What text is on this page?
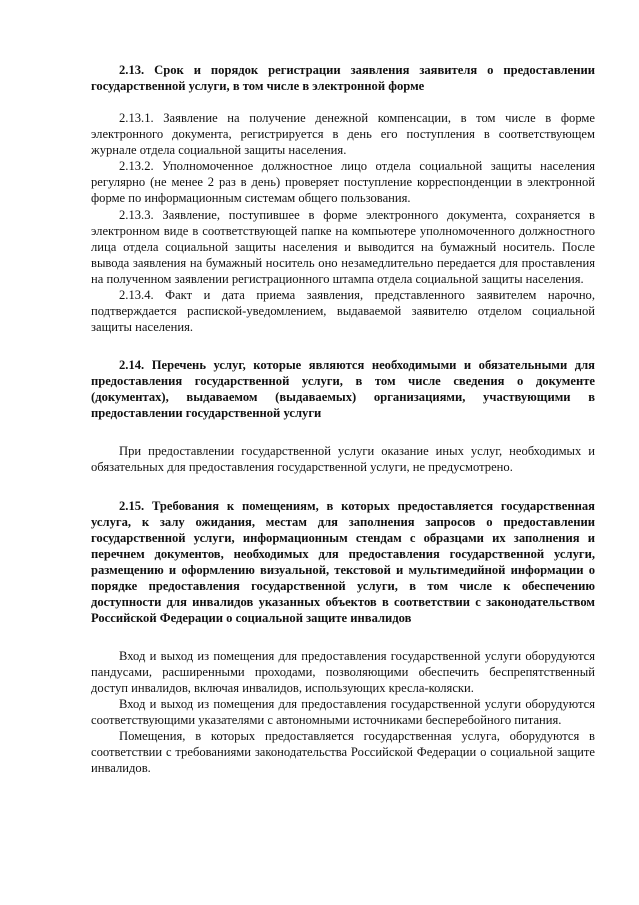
2.13. Срок и порядок регистрации заявления заявителя о предоставлении государственной услуги, в том числе в электронной форме

2.13.1. Заявление на получение денежной компенсации, в том числе в форме электронного документа, регистрируется в день его поступления в соответствующем журнале отдела социальной защиты населения.

2.13.2. Уполномоченное должностное лицо отдела социальной защиты населения регулярно (не менее 2 раз в день) проверяет поступление корреспонденции в электронной форме по информационным системам общего пользования.

2.13.3. Заявление, поступившее в форме электронного документа, сохраняется в электронном виде в соответствующей папке на компьютере уполномоченного должностного лица отдела социальной защиты населения и выводится на бумажный носитель. После вывода заявления на бумажный носитель оно незамедлительно передается для проставления на полученном заявлении регистрационного штампа отдела социальной защиты населения.

2.13.4. Факт и дата приема заявления, представленного заявителем нарочно, подтверждается распиской-уведомлением, выдаваемой заявителю отделом социальной защиты населения.

2.14. Перечень услуг, которые являются необходимыми и обязательными для предоставления государственной услуги, в том числе сведения о документе (документах), выдаваемом (выдаваемых) организациями, участвующими в предоставлении государственной услуги

При предоставлении государственной услуги оказание иных услуг, необходимых и обязательных для предоставления государственной услуги, не предусмотрено.

2.15. Требования к помещениям, в которых предоставляется государственная услуга, к залу ожидания, местам для заполнения запросов о предоставлении государственной услуги, информационным стендам с образцами их заполнения и перечнем документов, необходимых для предоставления государственной услуги, размещению и оформлению визуальной, текстовой и мультимедийной информации о порядке предоставления государственной услуги, в том числе к обеспечению доступности для инвалидов указанных объектов в соответствии с законодательством Российской Федерации о социальной защите инвалидов

Вход и выход из помещения для предоставления государственной услуги оборудуются пандусами, расширенными проходами, позволяющими обеспечить беспрепятственный доступ инвалидов, включая инвалидов, использующих кресла-коляски.

Вход и выход из помещения для предоставления государственной услуги оборудуются соответствующими указателями с автономными источниками бесперебойного питания.

Помещения, в которых предоставляется государственная услуга, оборудуются в соответствии с требованиями законодательства Российской Федерации о социальной защите инвалидов.
